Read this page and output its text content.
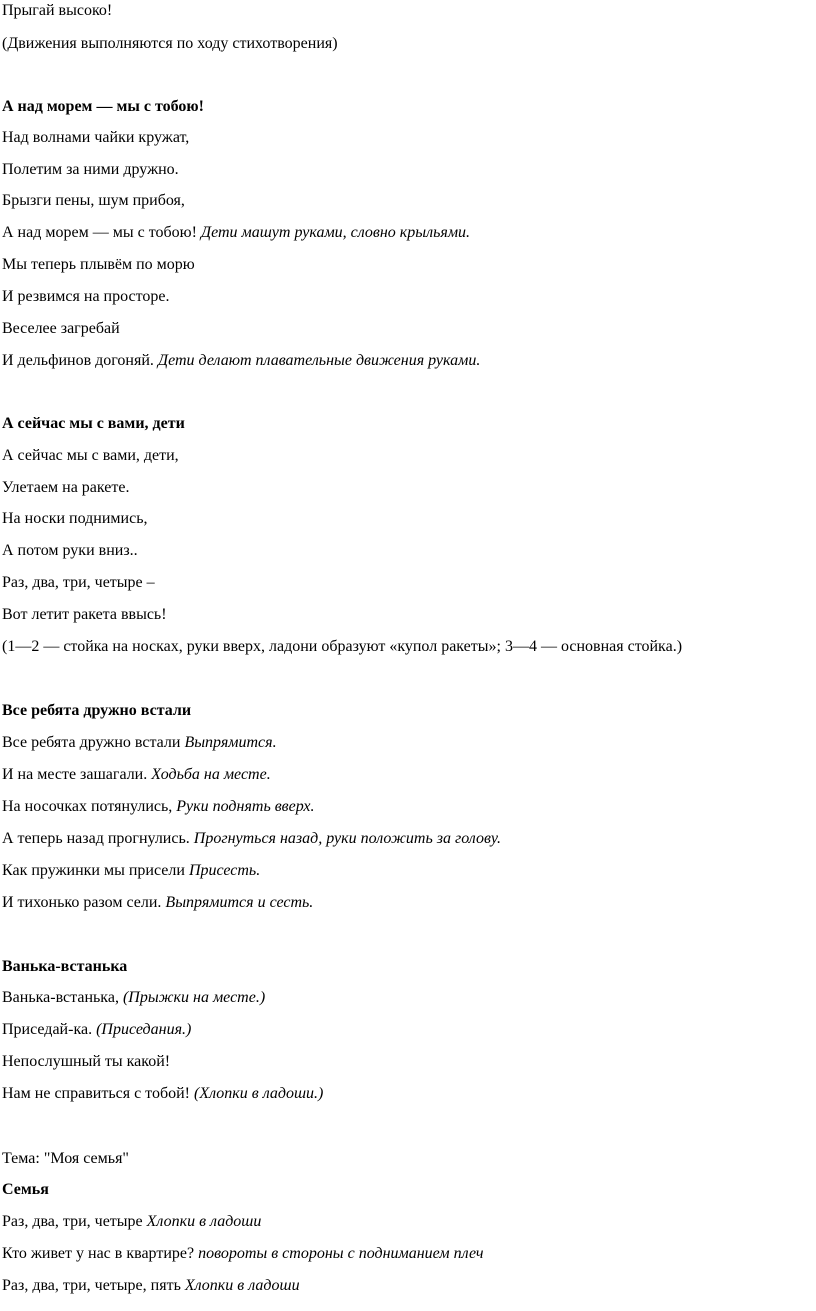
Прыгай высоко!
(Движения выполняются по ходу стихотворения)
А над морем — мы с тобою!
Над волнами чайки кружат,
Полетим за ними дружно.
Брызги пены, шум прибоя,
А над морем — мы с тобою! Дети машут руками, словно крыльями.
Мы теперь плывём по морю
И резвимся на просторе.
Веселее загребай
И дельфинов догоняй. Дети делают плавательные движения руками.
А сейчас мы с вами, дети
А сейчас мы с вами, дети,
Улетаем на ракете.
На носки поднимись,
А потом руки вниз..
Раз, два, три, четыре –
Вот летит ракета ввысь!
(1—2 — стойка на носках, руки вверх, ладони образуют «купол ракеты»; 3—4 — основная стойка.)
Все ребята дружно встали
Все ребята дружно встали Выпрямится.
И на месте зашагали. Ходьба на месте.
На носочках потянулись, Руки поднять вверх.
А теперь назад прогнулись. Прогнуться назад, руки положить за голову.
Как пружинки мы присели Присесть.
И тихонько разом сели. Выпрямится и сесть.
Ванька-встанька
Ванька-встанька, (Прыжки на месте.)
Приседай-ка. (Приседания.)
Непослушный ты какой!
Нам не справиться с тобой! (Хлопки в ладоши.)
Тема: "Моя семья"
Семья
Раз, два, три, четыре Хлопки в ладоши
Кто живет у нас в квартире? повороты в стороны с подниманием плеч
Раз, два, три, четыре, пять Хлопки в ладоши
